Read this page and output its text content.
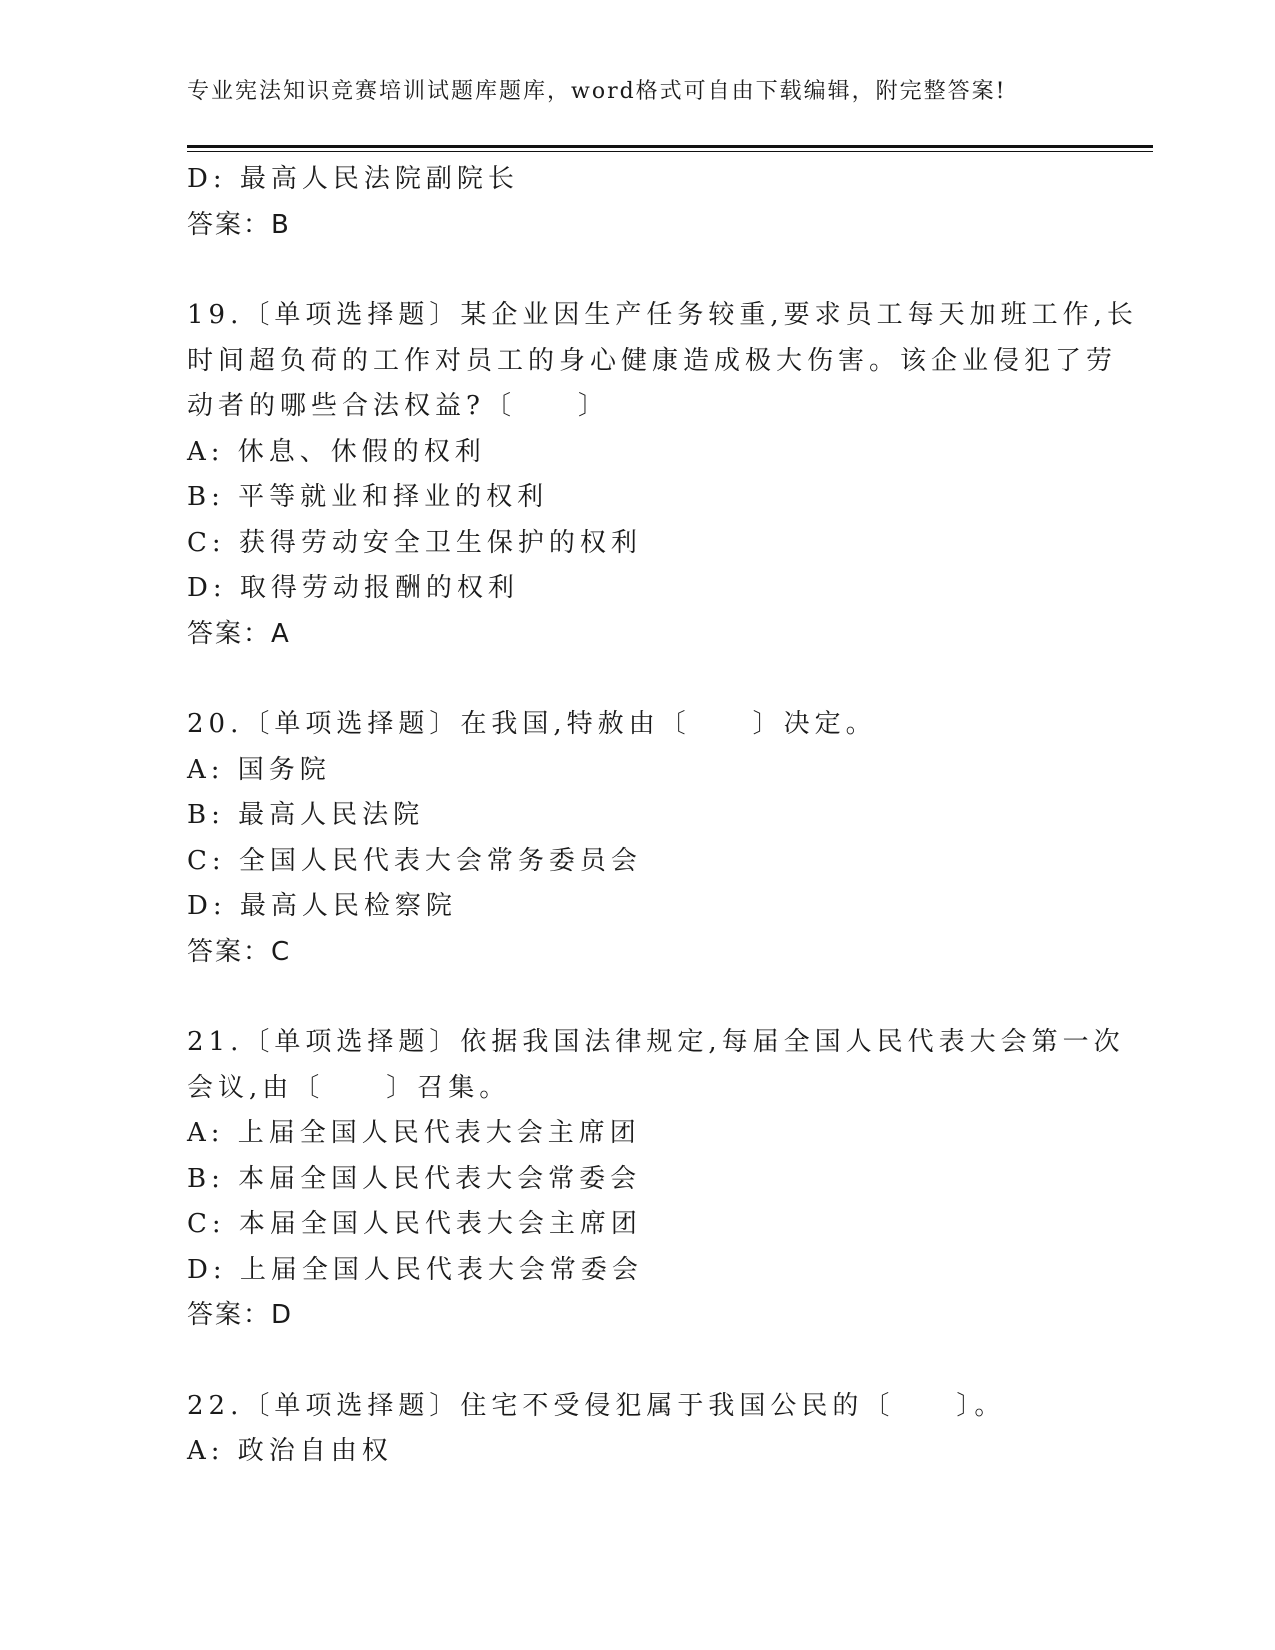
专业宪法知识竞赛培训试题库题库，word格式可自由下载编辑，附完整答案!
D: 最高人民法院副院长
答案：B
19.〔单项选择题〕某企业因生产任务较重,要求员工每天加班工作,长
时间超负荷的工作对员工的身心健康造成极大伤害。该企业侵犯了劳
动者的哪些合法权益?〔　　〕
A: 休息、休假的权利
B: 平等就业和择业的权利
C: 获得劳动安全卫生保护的权利
D: 取得劳动报酬的权利
答案：A
20.〔单项选择题〕在我国,特赦由〔　　〕决定。
A: 国务院
B: 最高人民法院
C: 全国人民代表大会常务委员会
D: 最高人民检察院
答案：C
21.〔单项选择题〕依据我国法律规定,每届全国人民代表大会第一次
会议,由〔　　〕召集。
A: 上届全国人民代表大会主席团
B: 本届全国人民代表大会常委会
C: 本届全国人民代表大会主席团
D: 上届全国人民代表大会常委会
答案：D
22.〔单项选择题〕住宅不受侵犯属于我国公民的〔　　〕。
A: 政治自由权
